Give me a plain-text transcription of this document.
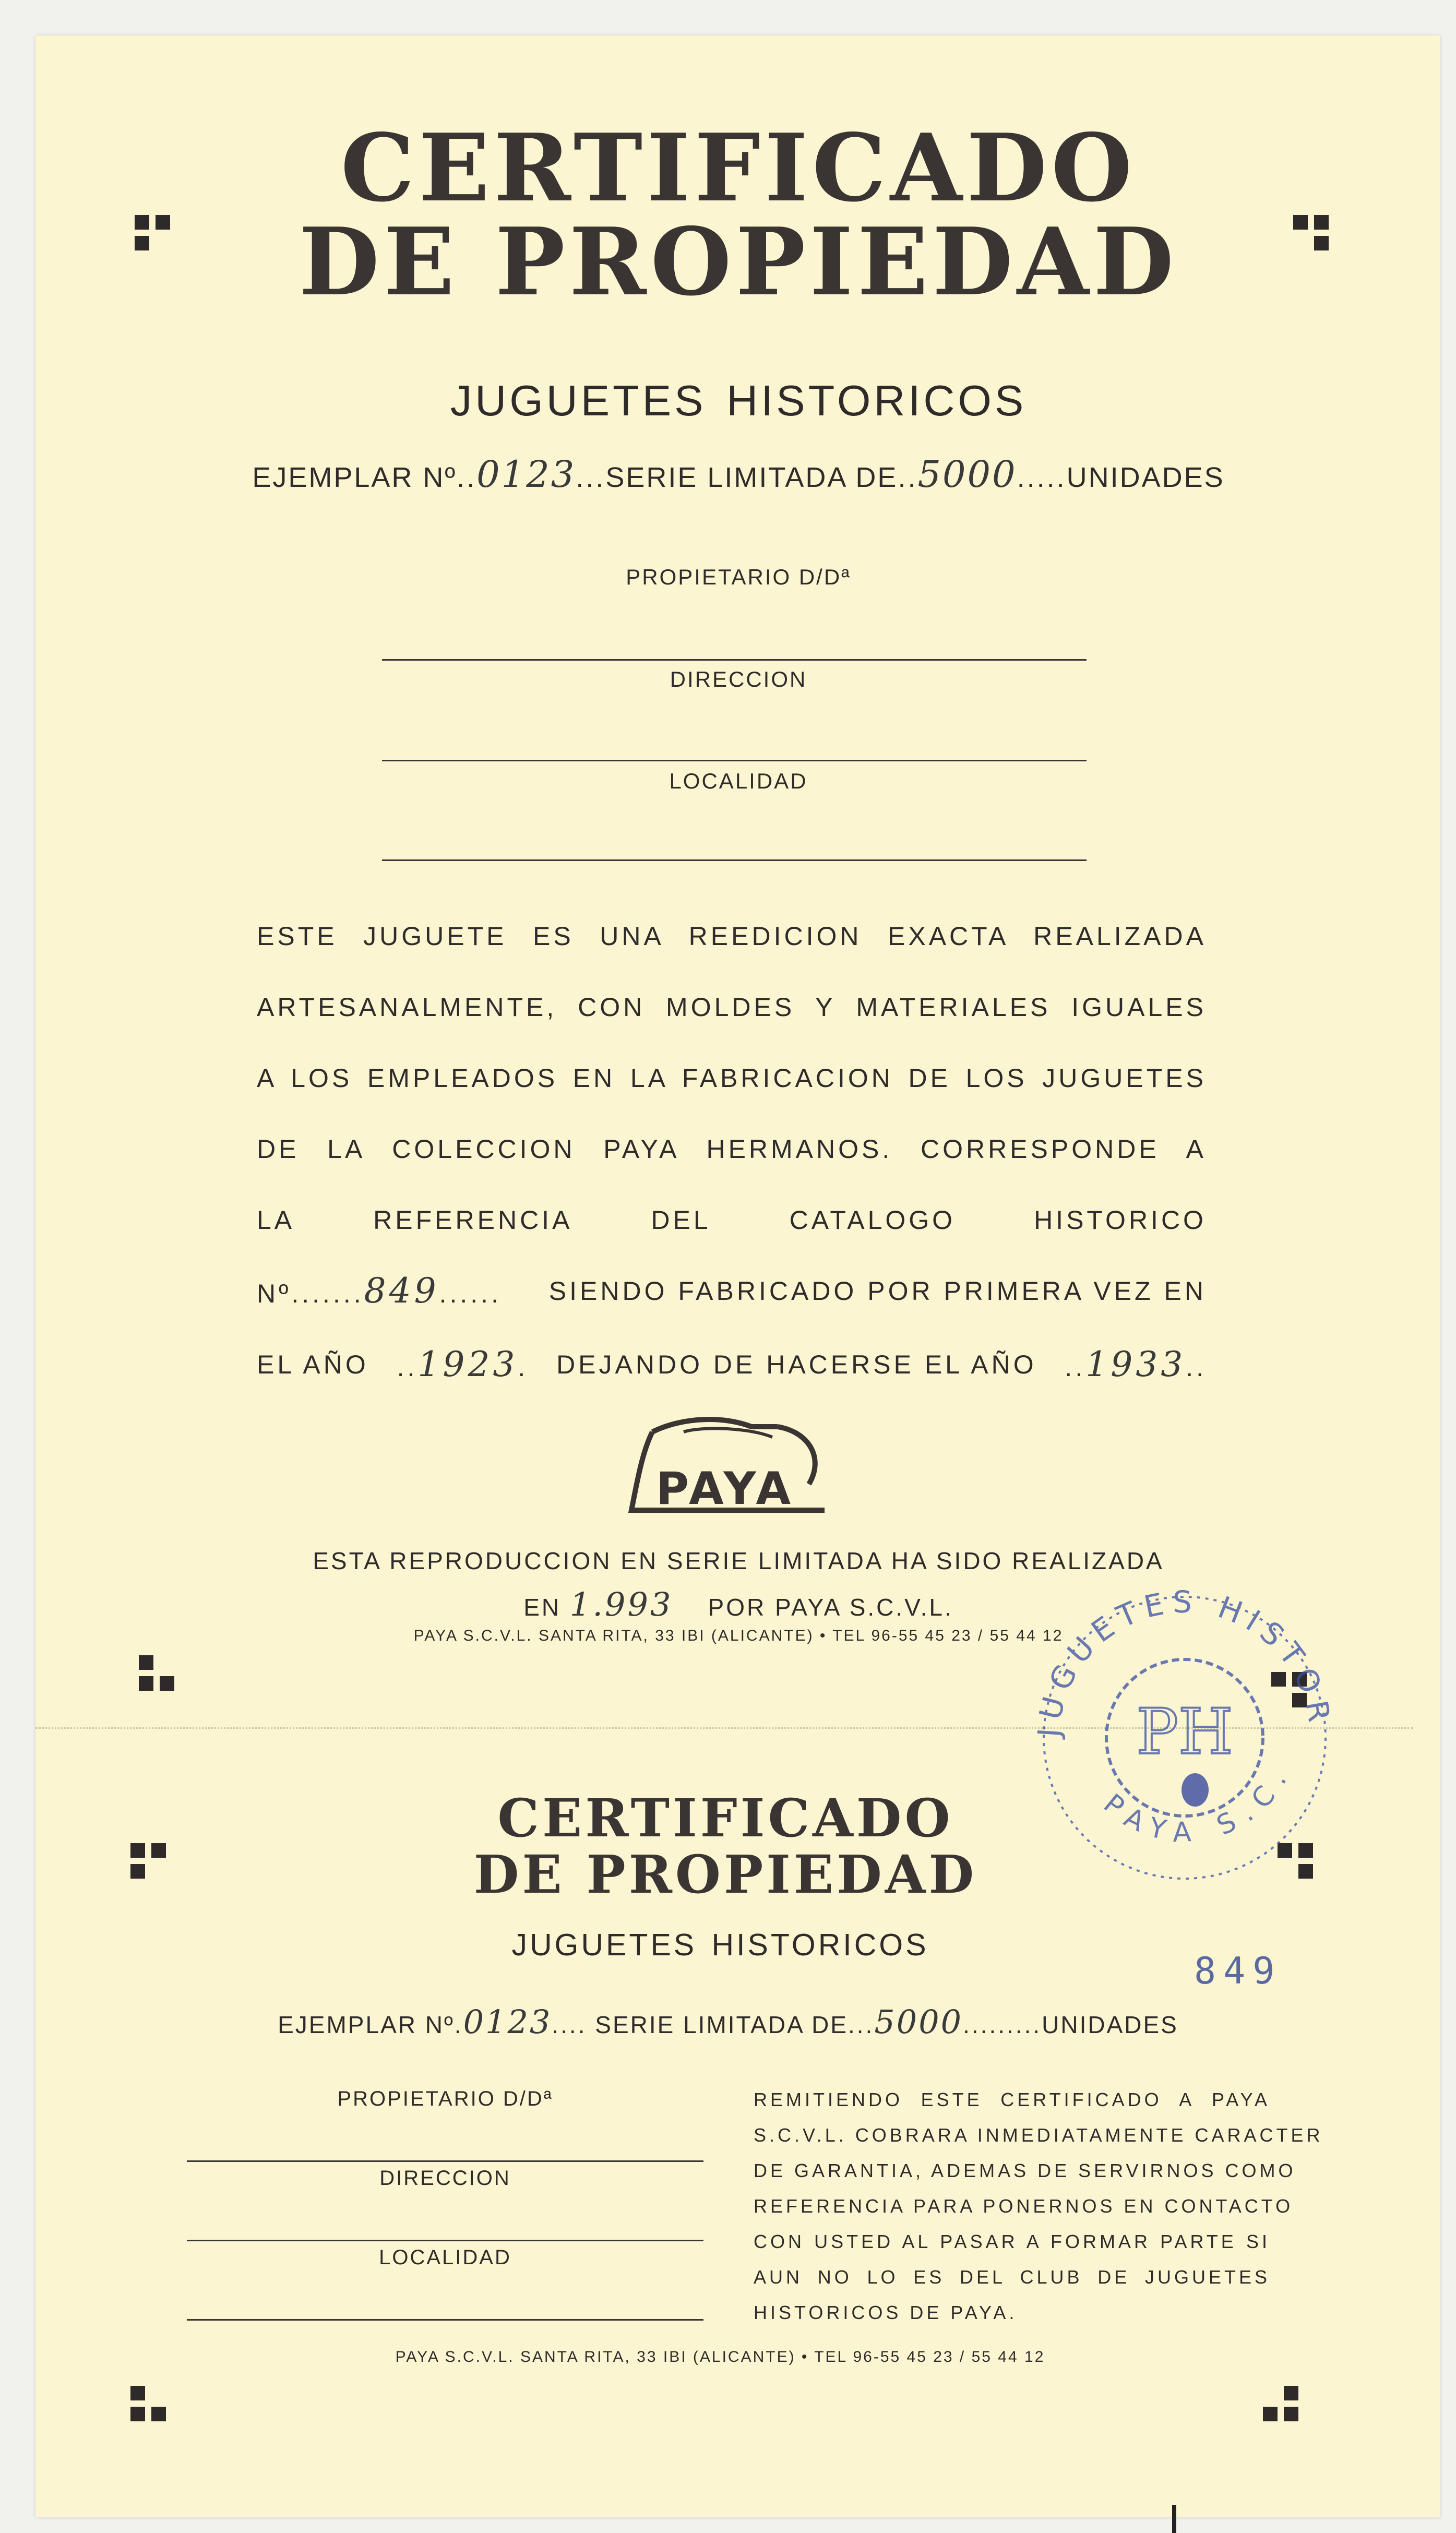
CERTIFICADO
DE PROPIEDAD
juguetes historicos
EJEMPLAR Nº..0123...SERIE LIMITADA DE..5000.....UNIDADES
PROPIETARIO D/Dª
DIRECCION
LOCALIDAD
ESTE JUGUETE ES UNA REEDICION EXACTA REALIZADA
ARTESANALMENTE, CON MOLDES Y MATERIALES IGUALES
A LOS EMPLEADOS EN LA FABRICACION DE LOS JUGUETES
DE LA COLECCION PAYA HERMANOS. CORRESPONDE A
LA	REFERENCIA	DEL	CATALOGO	HISTORICO
Nº.......849...... SIENDO FABRICADO POR PRIMERA VEZ EN
EL AÑO ..1923. DEJANDO DE HACERSE EL AÑO ..1933..
PAYA
ESTA REPRODUCCION EN SERIE LIMITADA HA SIDO REALIZADA
EN 1.993 POR PAYA S.C.V.L.
PAYA S.C.V.L. SANTA RITA, 33 IBI (ALICANTE) • TEL 96-55 45 23 / 55 44 12
CERTIFICADO
DE PROPIEDAD
juguetes historicos
849
EJEMPLAR Nº.0123.... SERIE LIMITADA DE...5000.........UNIDADES
PROPIETARIO D/Dª
DIRECCION
LOCALIDAD
REMITIENDO ESTE CERTIFICADO A PAYA
S.C.V.L. COBRARA INMEDIATAMENTE CARACTER
DE GARANTIA, ADEMAS DE SERVIRNOS COMO
REFERENCIA PARA PONERNOS EN CONTACTO
CON USTED AL PASAR A FORMAR PARTE SI
AUN NO LO ES DEL CLUB DE JUGUETES
HISTORICOS DE PAYA.
PAYA S.C.V.L. SANTA RITA, 33 IBI (ALICANTE) • TEL 96-55 45 23 / 55 44 12
JUGUETES HISTOR
PAYA S.C.
PH
